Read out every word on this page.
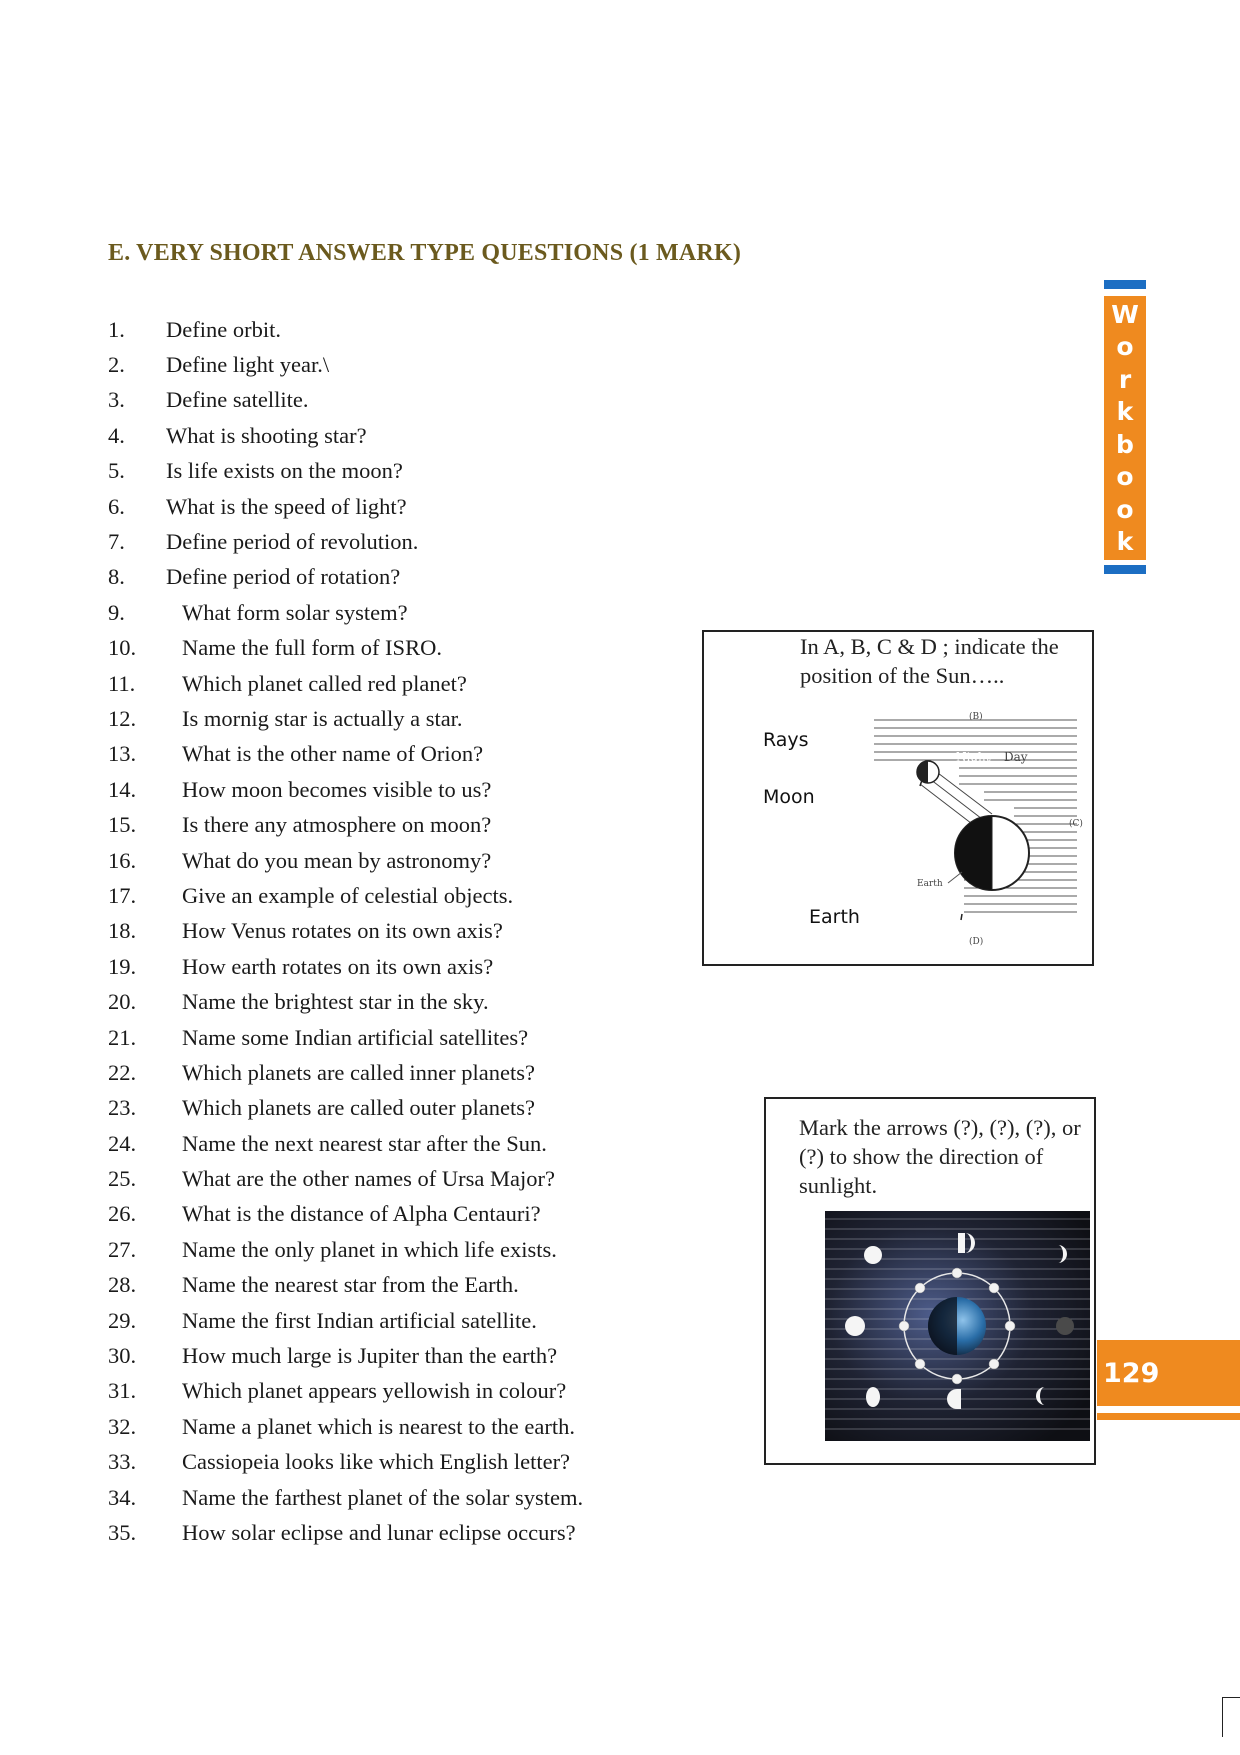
E. VERY SHORT ANSWER TYPE QUESTIONS (1 MARK)
1.	Define orbit.
2.	Define light year.\
3.	Define satellite.
4.	What is shooting star?
5.	Is life exists on the moon?
6.	What is the speed of light?
7.	Define period of revolution.
8.	Define period of rotation?
9.	What form solar system?
10.	Name the full form of ISRO.
11.	Which planet called red planet?
12.	Is mornig star is actually a star.
13.	What is the other name of Orion?
14.	How moon becomes visible to us?
15.	Is there any atmosphere on moon?
16.	What do you mean by astronomy?
17.	Give an example of celestial objects.
18.	How Venus rotates on its own axis?
19.	How earth rotates on its own axis?
20.	Name the brightest star in the sky.
21.	Name some Indian artificial satellites?
22.	Which planets are called inner planets?
23.	Which planets are called outer planets?
24.	Name the next nearest star after the Sun.
25.	What are the other names of Ursa Major?
26.	What is the distance of Alpha Centauri?
27.	Name the only planet in which life exists.
28.	Name the nearest star from the Earth.
29.	Name the first Indian artificial satellite.
30.	How much large is Jupiter than the earth?
31.	Which planet appears yellowish in colour?
32.	Name a planet which is nearest to the earth.
33.	Cassiopeia looks like which English letter?
34.	Name the farthest planet of the solar system.
35.	How solar eclipse and lunar eclipse occurs?
W
o
r
k
b
o
o
k
129
In A, B, C & D ; indicate the position of the Sun…..
Rays
Moon
Earth
Night Day
Earth
(B)
(C)
(D)
Mark the arrows (?), (?), (?), or (?) to show the direction of sunlight.
